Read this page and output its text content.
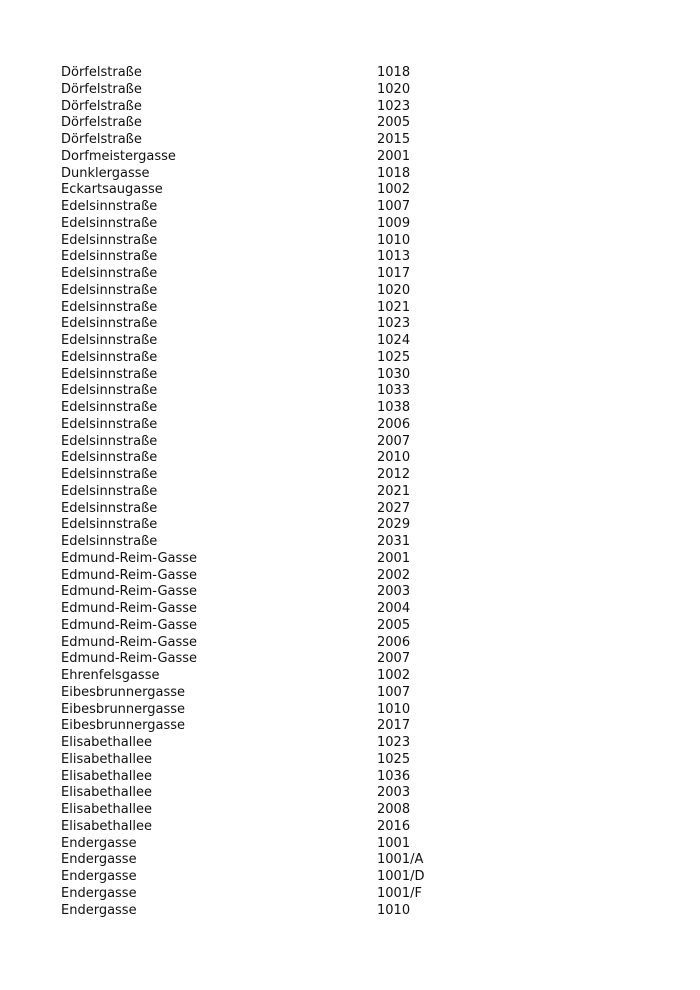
Dörfelstraße	1018
Dörfelstraße	1020
Dörfelstraße	1023
Dörfelstraße	2005
Dörfelstraße	2015
Dorfmeistergasse	2001
Dunklergasse	1018
Eckartsaugasse	1002
Edelsinnstraße	1007
Edelsinnstraße	1009
Edelsinnstraße	1010
Edelsinnstraße	1013
Edelsinnstraße	1017
Edelsinnstraße	1020
Edelsinnstraße	1021
Edelsinnstraße	1023
Edelsinnstraße	1024
Edelsinnstraße	1025
Edelsinnstraße	1030
Edelsinnstraße	1033
Edelsinnstraße	1038
Edelsinnstraße	2006
Edelsinnstraße	2007
Edelsinnstraße	2010
Edelsinnstraße	2012
Edelsinnstraße	2021
Edelsinnstraße	2027
Edelsinnstraße	2029
Edelsinnstraße	2031
Edmund-Reim-Gasse	2001
Edmund-Reim-Gasse	2002
Edmund-Reim-Gasse	2003
Edmund-Reim-Gasse	2004
Edmund-Reim-Gasse	2005
Edmund-Reim-Gasse	2006
Edmund-Reim-Gasse	2007
Ehrenfelsgasse	1002
Eibesbrunnergasse	1007
Eibesbrunnergasse	1010
Eibesbrunnergasse	2017
Elisabethallee	1023
Elisabethallee	1025
Elisabethallee	1036
Elisabethallee	2003
Elisabethallee	2008
Elisabethallee	2016
Endergasse	1001
Endergasse	1001/A
Endergasse	1001/D
Endergasse	1001/F
Endergasse	1010
